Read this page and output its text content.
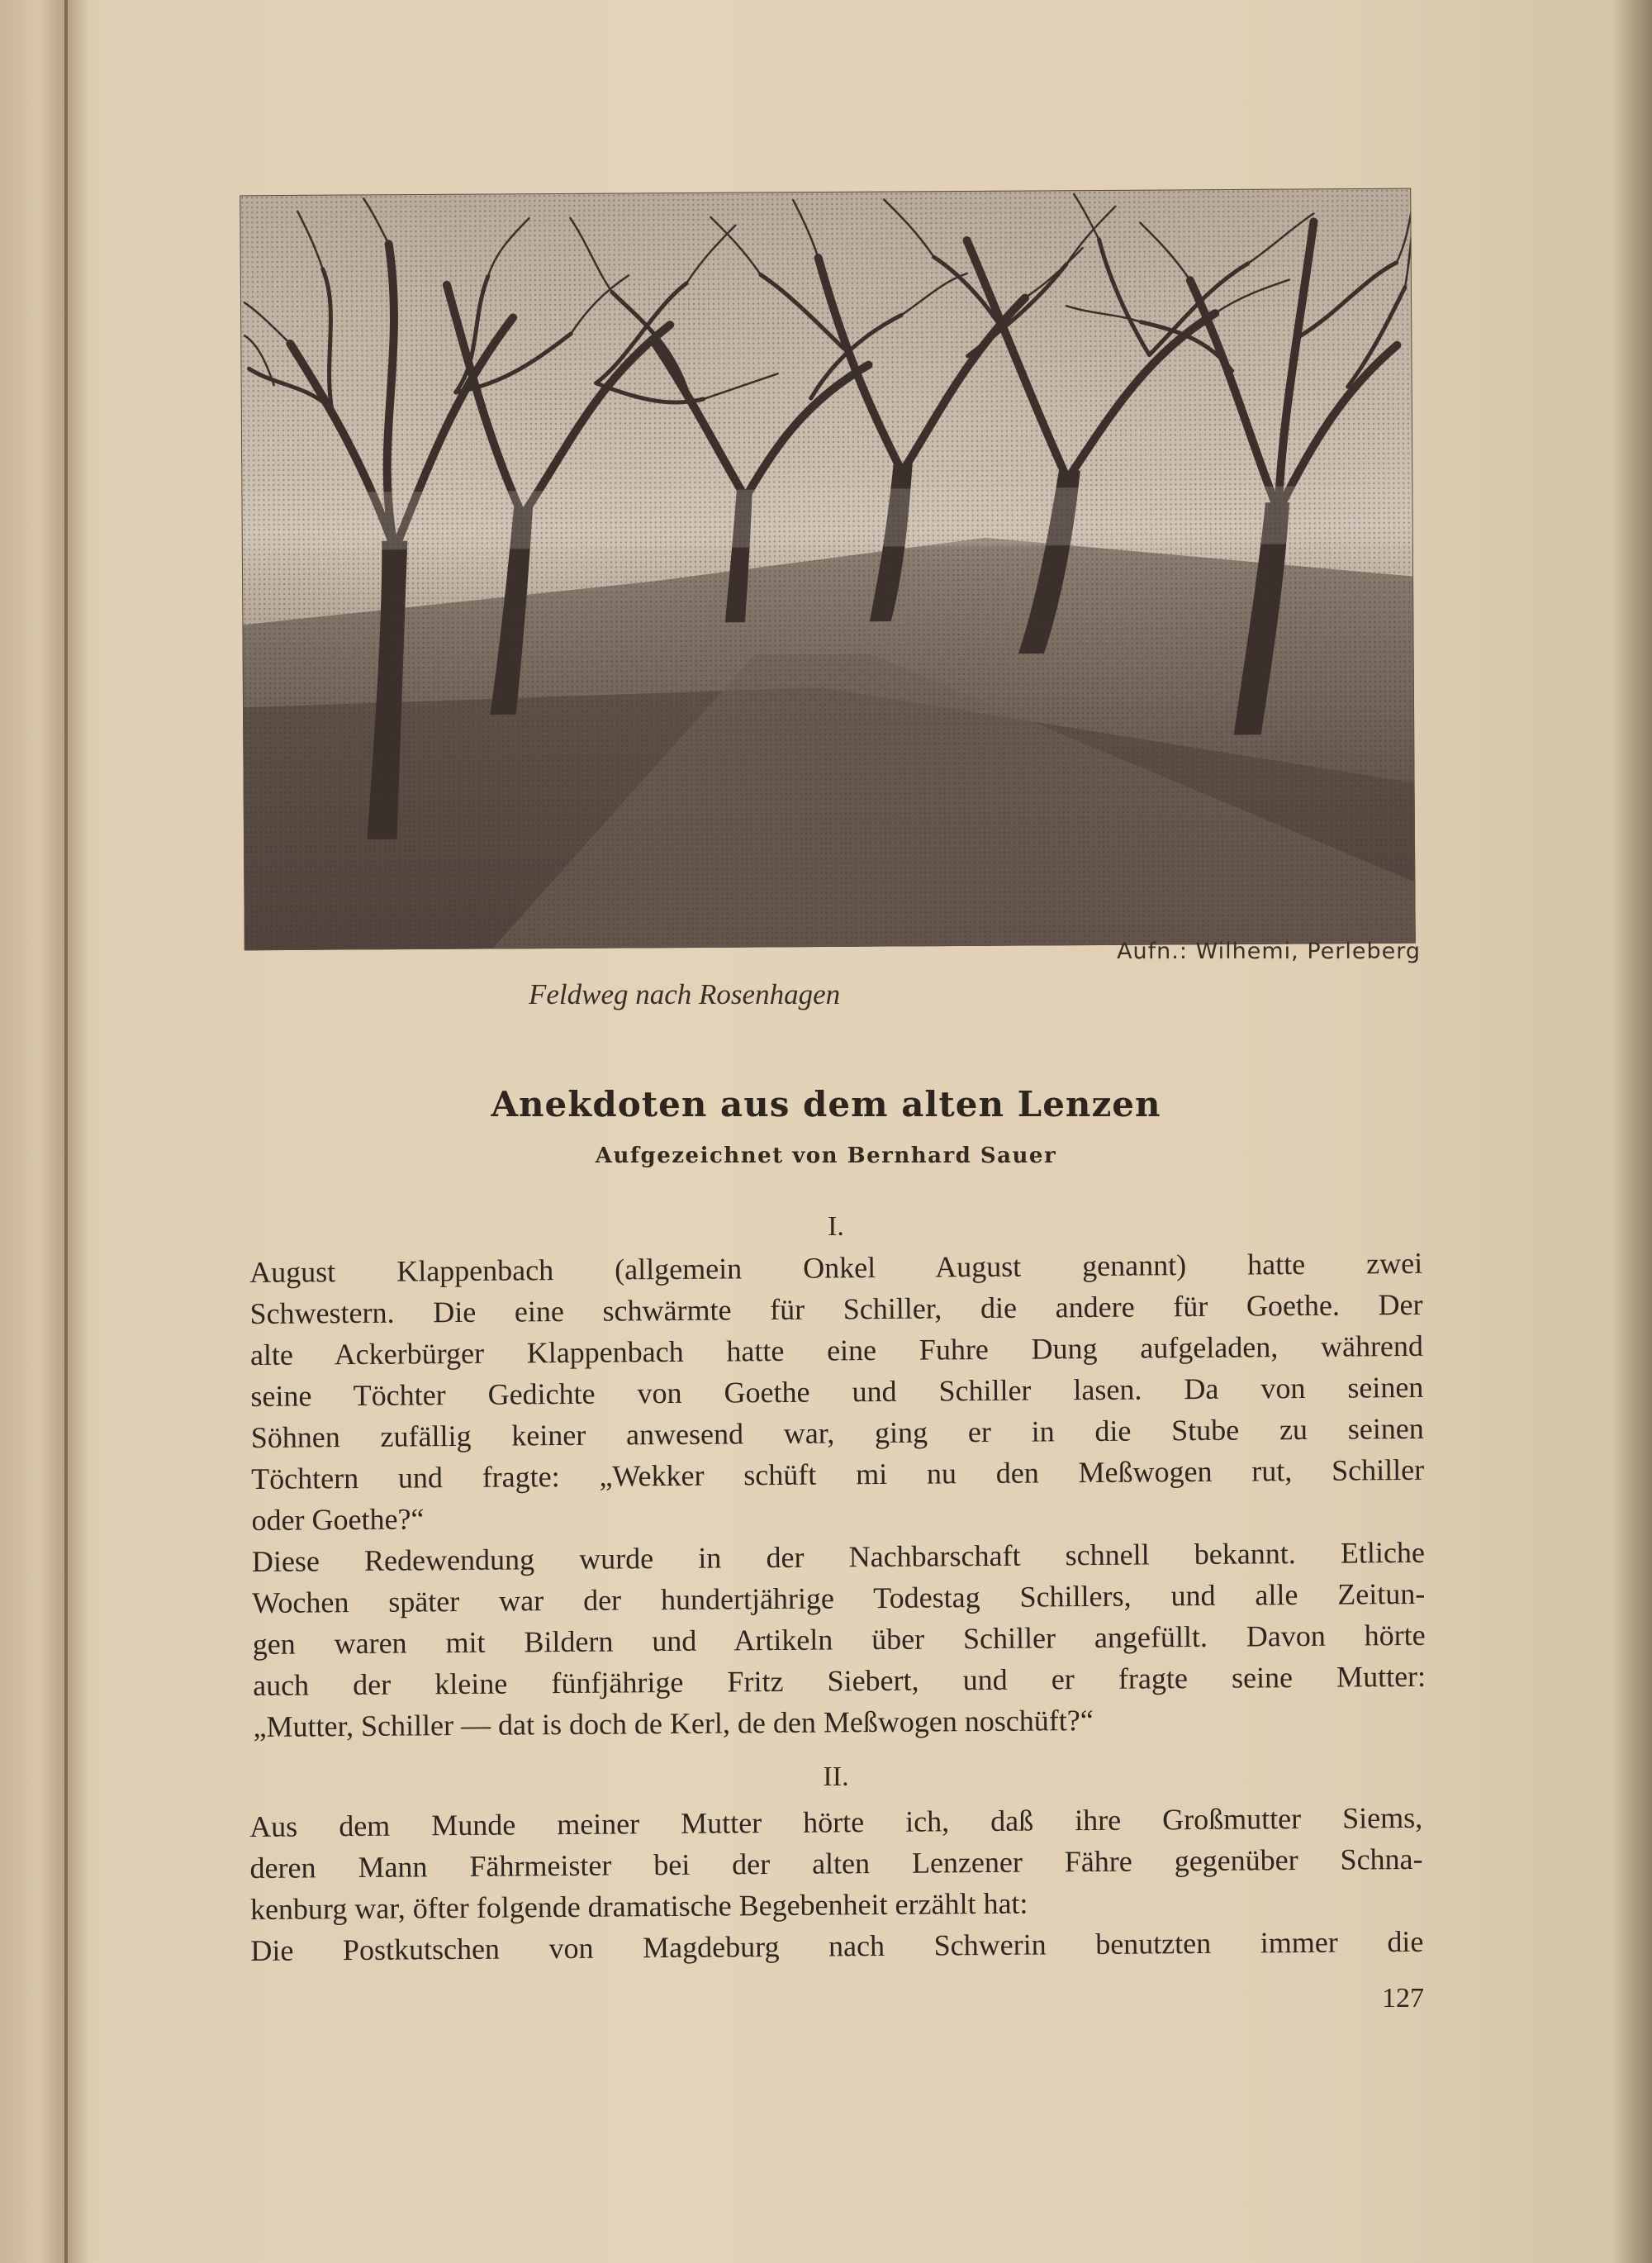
Aufn.: Wilhemi, Perleberg
Feldweg nach Rosenhagen
Anekdoten aus dem alten Lenzen
Aufgezeichnet von Bernhard Sauer
I.
August Klappenbach (allgemein Onkel August genannt) hatte zwei
Schwestern. Die eine schwärmte für Schiller, die andere für Goethe. Der
alte Ackerbürger Klappenbach hatte eine Fuhre Dung aufgeladen, während
seine Töchter Gedichte von Goethe und Schiller lasen. Da von seinen
Söhnen zufällig keiner anwesend war, ging er in die Stube zu seinen
Töchtern und fragte: „Wekker schüft mi nu den Meßwogen rut, Schiller
oder Goethe?“
Diese Redewendung wurde in der Nachbarschaft schnell bekannt. Etliche
Wochen später war der hundertjährige Todestag Schillers, und alle Zeitun-
gen waren mit Bildern und Artikeln über Schiller angefüllt. Davon hörte
auch der kleine fünfjährige Fritz Siebert, und er fragte seine Mutter:
„Mutter, Schiller — dat is doch de Kerl, de den Meßwogen noschüft?“
II.
Aus dem Munde meiner Mutter hörte ich, daß ihre Großmutter Siems,
deren Mann Fährmeister bei der alten Lenzener Fähre gegenüber Schna-
kenburg war, öfter folgende dramatische Begebenheit erzählt hat:
Die Postkutschen von Magdeburg nach Schwerin benutzten immer die
127
